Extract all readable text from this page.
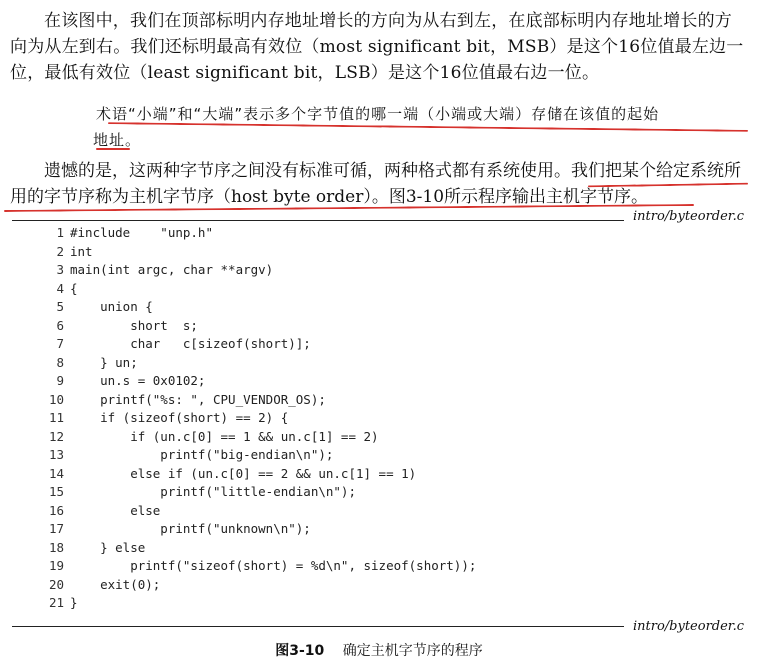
在该图中，我们在顶部标明内存地址增长的方向为从右到左，在底部标明内存地址增长的方向为从左到右。我们还标明最高有效位（most significant bit，MSB）是这个16位值最左边一位，最低有效位（least significant bit，LSB）是这个16位值最右边一位。
术语“小端”和“大端”表示多个字节值的哪一端（小端或大端）存储在该值的起始
地址。
遗憾的是，这两种字节序之间没有标准可循，两种格式都有系统使用。我们把某个给定系统所用的字节序称为主机字节序（host byte order）。图3-10所示程序输出主机字节序。
intro/byteorder.c
1 #include    "unp.h"
2 int
3 main(int argc, char **argv)
4 {
5 union {
6 short  s;
7 char   c[sizeof(short)];
8 } un;
9 un.s = 0x0102;
10 printf("%s: ", CPU_VENDOR_OS);
11 if (sizeof(short) == 2) {
12 if (un.c[0] == 1 && un.c[1] == 2)
13 printf("big-endian\n");
14 else if (un.c[0] == 2 && un.c[1] == 1)
15 printf("little-endian\n");
16 else
17 printf("unknown\n");
18 } else
19 printf("sizeof(short) = %d\n", sizeof(short));
20 exit(0);
21 }
intro/byteorder.c
图3-10 确定主机字节序的程序
